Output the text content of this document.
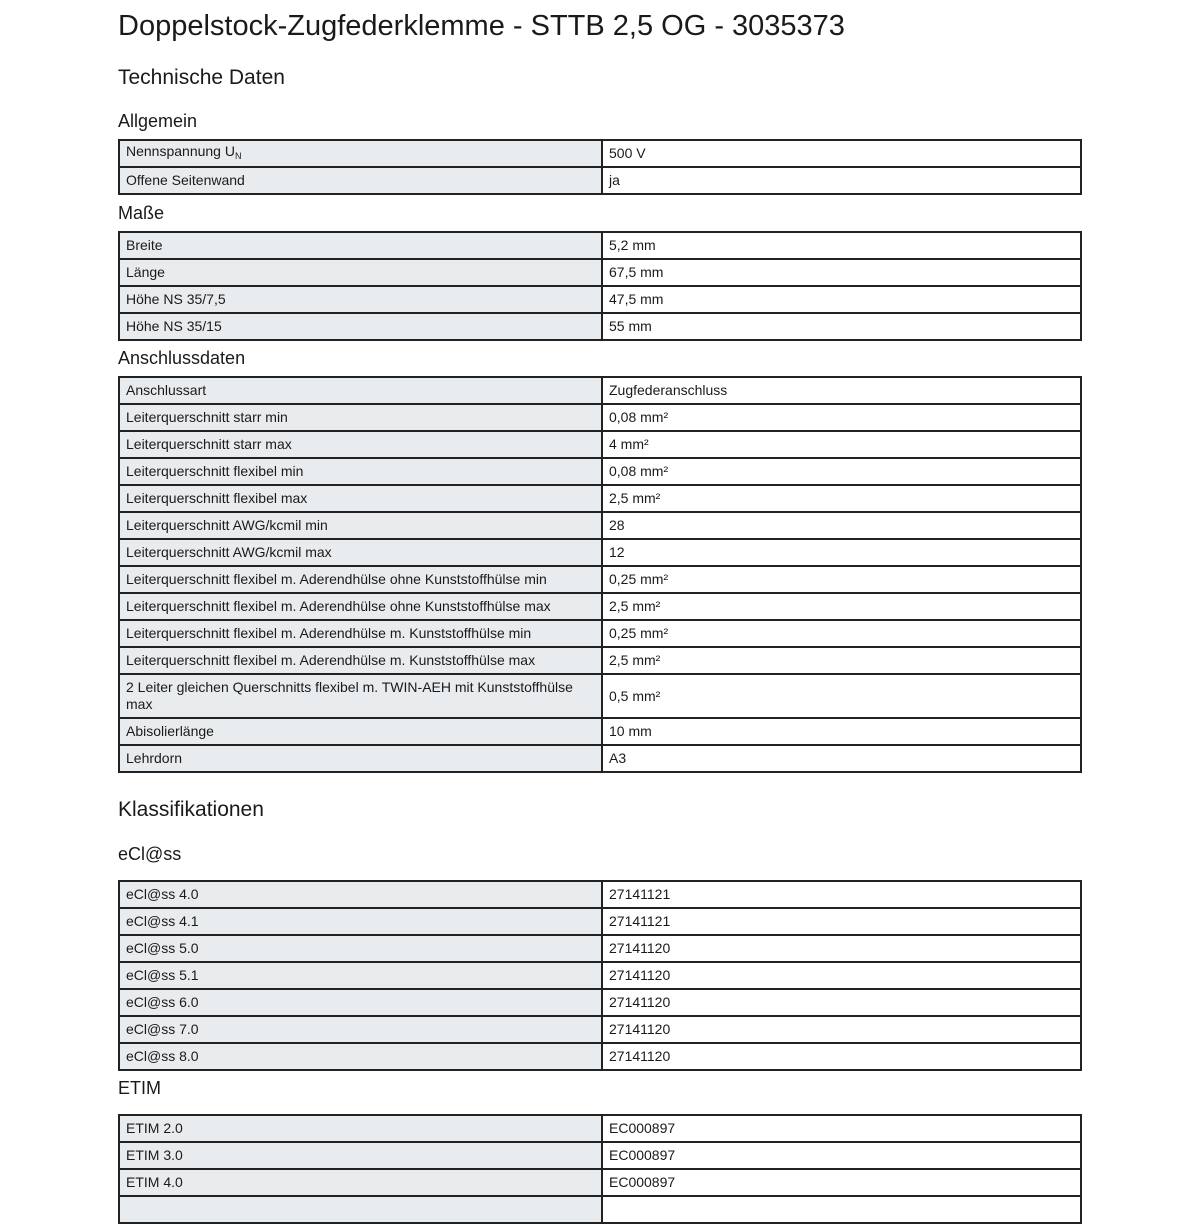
Doppelstock-Zugfederklemme - STTB 2,5 OG - 3035373
Technische Daten
Allgemein
Nennspannung $U_N$	500 V
Offene Seitenwand	ja
Maße
Breite	5,2 mm
Länge	67,5 mm
Höhe NS 35/7,5	47,5 mm
Höhe NS 35/15	55 mm
Anschlussdaten
Anschlussart	Zugfederanschluss
Leiterquerschnitt starr min	0,08 mm²
Leiterquerschnitt starr max	4 mm²
Leiterquerschnitt flexibel min	0,08 mm²
Leiterquerschnitt flexibel max	2,5 mm²
Leiterquerschnitt AWG/kcmil min	28
Leiterquerschnitt AWG/kcmil max	12
Leiterquerschnitt flexibel m. Aderendhülse ohne Kunststoffhülse min	0,25 mm²
Leiterquerschnitt flexibel m. Aderendhülse ohne Kunststoffhülse max	2,5 mm²
Leiterquerschnitt flexibel m. Aderendhülse m. Kunststoffhülse min	0,25 mm²
Leiterquerschnitt flexibel m. Aderendhülse m. Kunststoffhülse max	2,5 mm²
2 Leiter gleichen Querschnitts flexibel m. TWIN-AEH mit Kunststoffhülse max	0,5 mm²
Abisolierlänge	10 mm
Lehrdorn	A3
Klassifikationen
eCl@ss
eCl@ss 4.0	27141121
eCl@ss 4.1	27141121
eCl@ss 5.0	27141120
eCl@ss 5.1	27141120
eCl@ss 6.0	27141120
eCl@ss 7.0	27141120
eCl@ss 8.0	27141120
ETIM
ETIM 2.0	EC000897
ETIM 3.0	EC000897
ETIM 4.0	EC000897
